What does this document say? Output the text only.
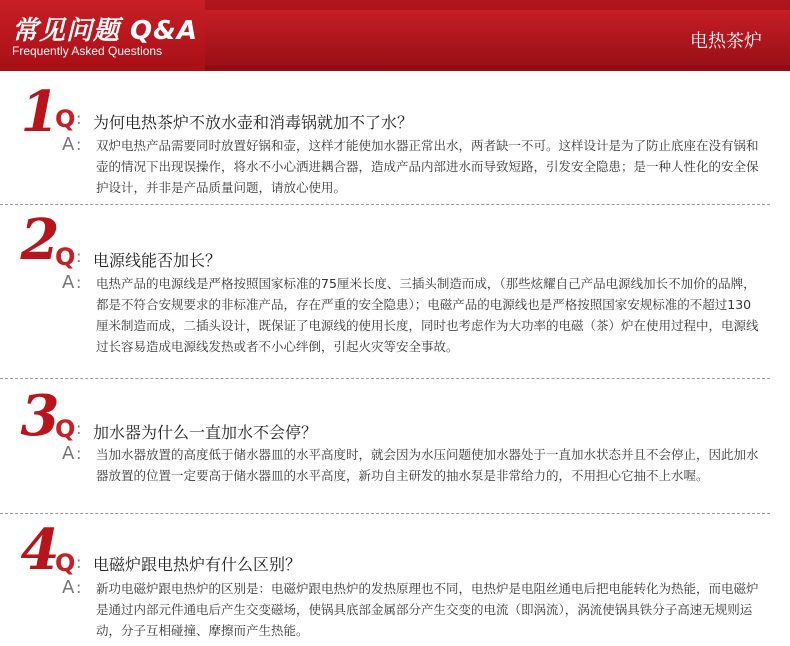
常见问题 Q&A
Frequently Asked Questions	电热茶炉
1
Q : 为何电热茶炉不放水壶和消毒锅就加不了水？
A : 双炉电热产品需要同时放置好锅和壶，这样才能使加水器正常出水，两者缺一不可。这样设计是为了防止底座在没有锅和壶的情况下出现误操作，将水不小心洒进耦合器，造成产品内部进水而导致短路，引发安全隐患；是一种人性化的安全保护设计，并非是产品质量问题，请放心使用。
2
Q : 电源线能否加长？
A : 电热产品的电源线是严格按照国家标准的75厘米长度、三插头制造而成，（那些炫耀自己产品电源线加长不加价的品牌，都是不符合安规要求的非标准产品，存在严重的安全隐患）；电磁产品的电源线也是严格按照国家安规标准的不超过130厘米制造而成，二插头设计，既保证了电源线的使用长度，同时也考虑作为大功率的电磁（茶）炉在使用过程中，电源线过长容易造成电源线发热或者不小心绊倒，引起火灾等安全事故。
3
Q : 加水器为什么一直加水不会停？
A : 当加水器放置的高度低于储水器皿的水平高度时，就会因为水压问题使加水器处于一直加水状态并且不会停止，因此加水器放置的位置一定要高于储水器皿的水平高度，新功自主研发的抽水泵是非常给力的，不用担心它抽不上水喔。
4
Q : 电磁炉跟电热炉有什么区别？
A : 新功电磁炉跟电热炉的区别是：电磁炉跟电热炉的发热原理也不同，电热炉是电阻丝通电后把电能转化为热能，而电磁炉是通过内部元件通电后产生交变磁场，使锅具底部金属部分产生交变的电流（即涡流），涡流使锅具铁分子高速无规则运动，分子互相碰撞、摩擦而产生热能。
